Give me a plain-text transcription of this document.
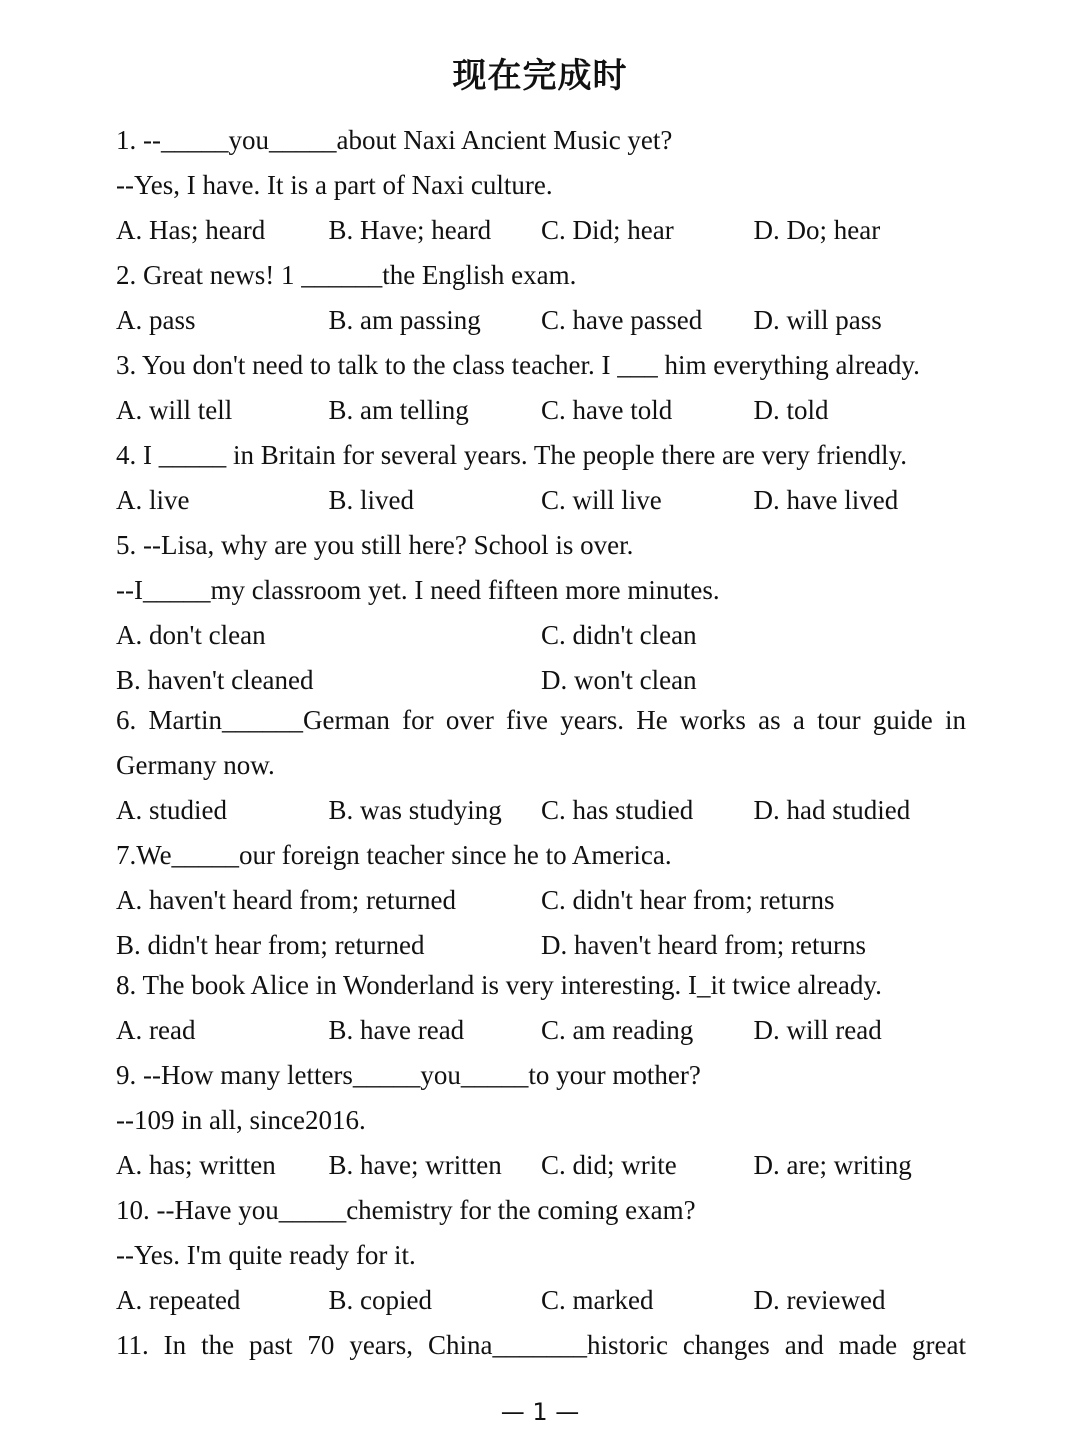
现在完成时
1. --_____you_____about Naxi Ancient Music yet?
--Yes, I have. It is a part of Naxi culture.
A. Has; heard	B. Have; heard	C. Did; hear	D. Do; hear
2. Great news! 1 ______the English exam.
A. pass	B. am passing	C. have passed	D. will pass
3. You don't need to talk to the class teacher. I ___ him everything already.
A. will tell	B. am telling	C. have told	D. told
4. I _____ in Britain for several years. The people there are very friendly.
A. live	B. lived	C. will live	D. have lived
5. --Lisa, why are you still here? School is over.
--I_____my classroom yet. I need fifteen more minutes.
A. don't clean	C. didn't clean
B. haven't cleaned	D. won't clean
6. Martin______German for over five years. He works as a tour guide in
Germany now.
A. studied	B. was studying	C. has studied	D. had studied
7.We_____our foreign teacher since he to America.
A. haven't heard from; returned	C. didn't hear from; returns
B. didn't hear from; returned	D. haven't heard from; returns
8. The book Alice in Wonderland is very interesting. I_it twice already.
A. read	B. have read	C. am reading	D. will read
9. --How many letters_____you_____to your mother?
--109 in all, since2016.
A. has; written	B. have; written	C. did; write	D. are; writing
10. --Have you_____chemistry for the coming exam?
--Yes. I'm quite ready for it.
A. repeated	B. copied	C. marked	D. reviewed
11. In the past 70 years, China_______historic changes and made great
— 1 —
